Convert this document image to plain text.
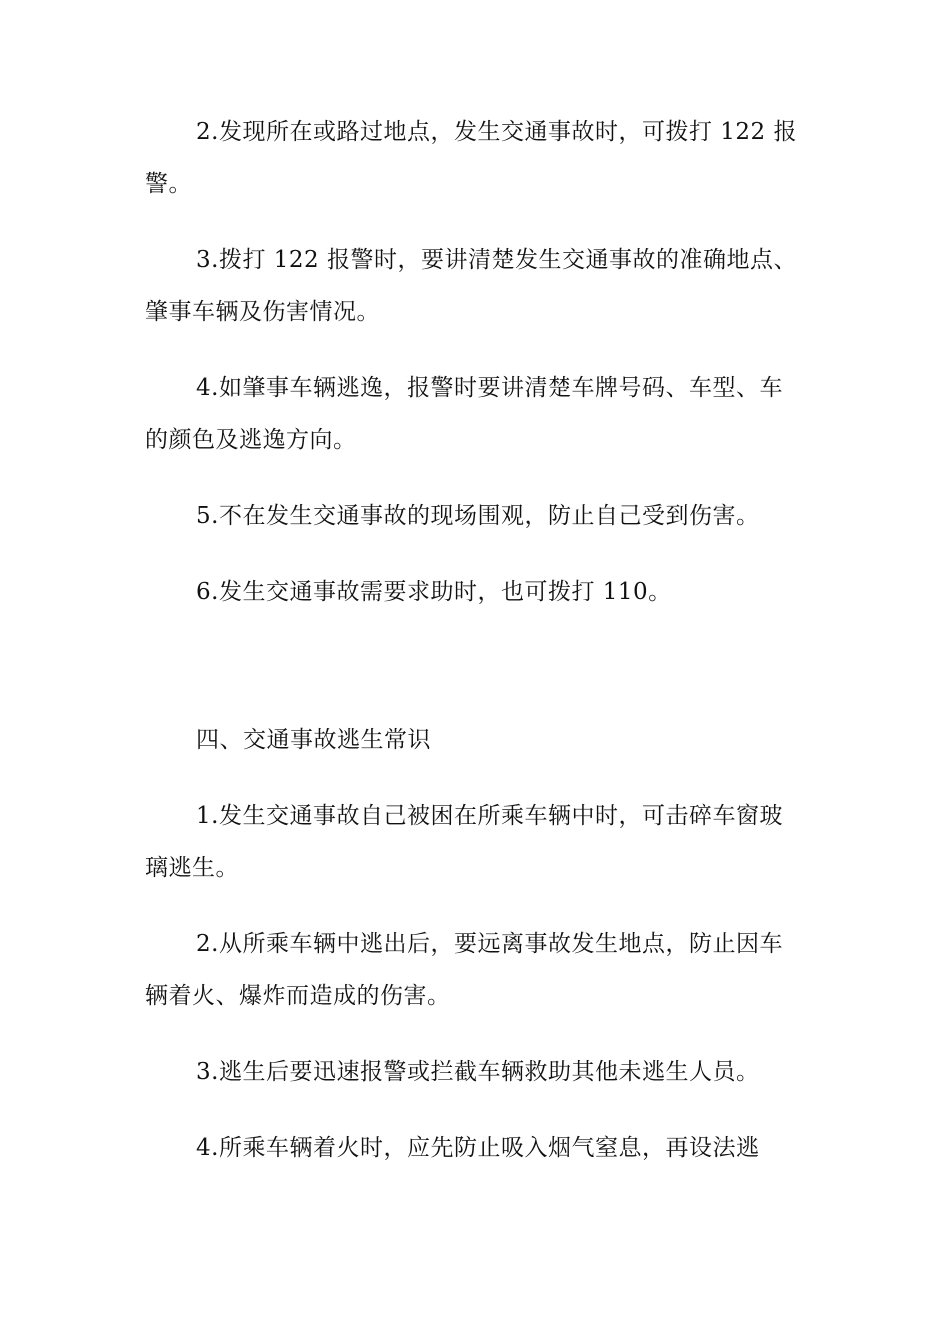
2.发现所在或路过地点，发生交通事故时，可拨打 122 报警。

3.拨打 122 报警时，要讲清楚发生交通事故的准确地点、肇事车辆及伤害情况。

4.如肇事车辆逃逸，报警时要讲清楚车牌号码、车型、车的颜色及逃逸方向。

5.不在发生交通事故的现场围观，防止自己受到伤害。

6.发生交通事故需要求助时，也可拨打 110。

四、交通事故逃生常识

1.发生交通事故自己被困在所乘车辆中时，可击碎车窗玻璃逃生。

2.从所乘车辆中逃出后，要远离事故发生地点，防止因车辆着火、爆炸而造成的伤害。

3.逃生后要迅速报警或拦截车辆救助其他未逃生人员。

4.所乘车辆着火时，应先防止吸入烟气窒息，再设法逃
